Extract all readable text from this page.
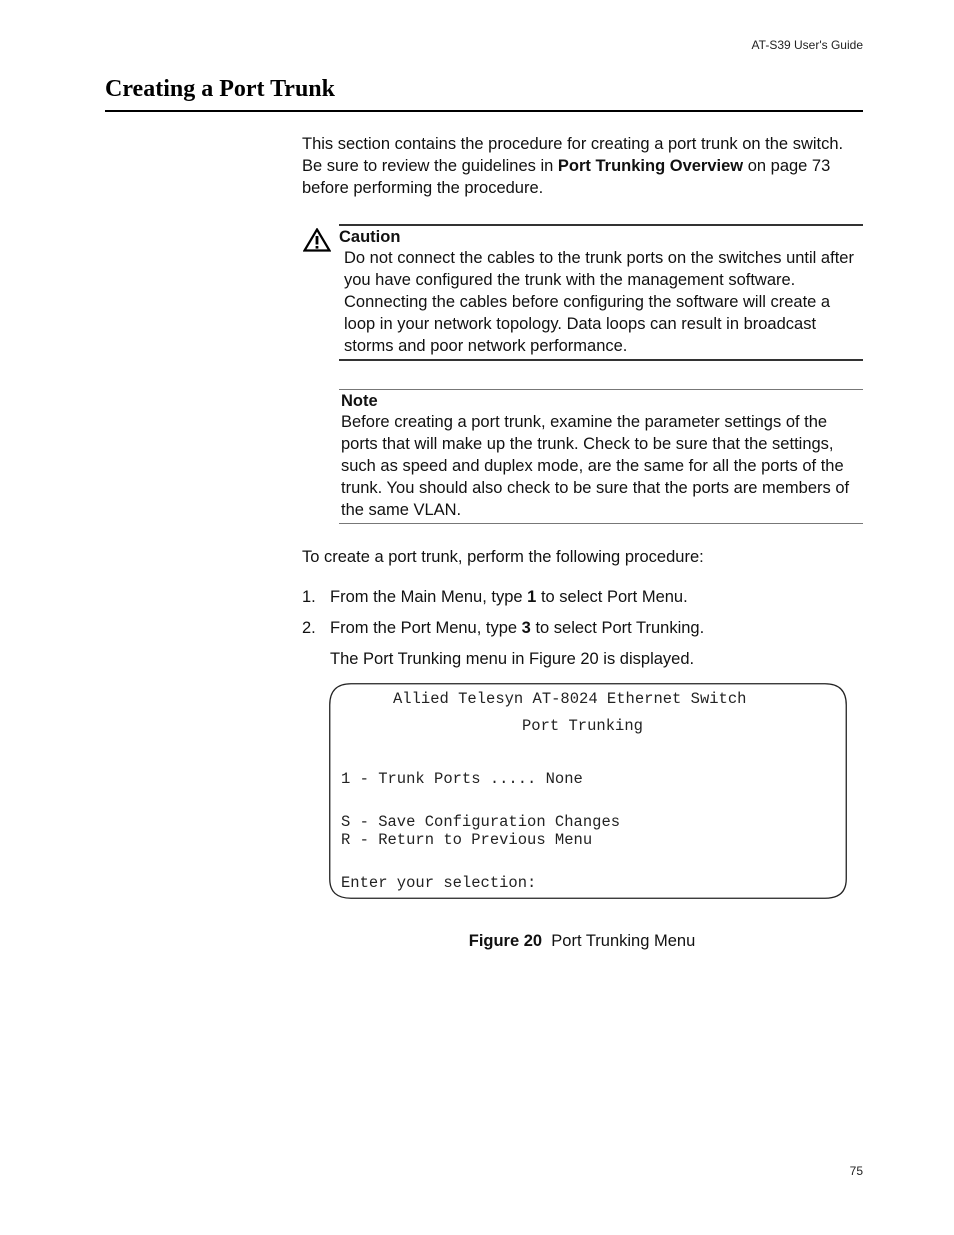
AT-S39 User's Guide
Creating a Port Trunk
This section contains the procedure for creating a port trunk on the switch. Be sure to review the guidelines in Port Trunking Overview on page 73 before performing the procedure.
Caution
Do not connect the cables to the trunk ports on the switches until after you have configured the trunk with the management software. Connecting the cables before configuring the software will create a loop in your network topology. Data loops can result in broadcast storms and poor network performance.
Note
Before creating a port trunk, examine the parameter settings of the ports that will make up the trunk. Check to be sure that the settings, such as speed and duplex mode, are the same for all the ports of the trunk. You should also check to be sure that the ports are members of the same VLAN.
To create a port trunk, perform the following procedure:
1. From the Main Menu, type 1 to select Port Menu.
2. From the Port Menu, type 3 to select Port Trunking.
The Port Trunking menu in Figure 20 is displayed.
Allied Telesyn AT-8024 Ethernet Switch
Port Trunking
1 - Trunk Ports ..... None
S - Save Configuration Changes
R - Return to Previous Menu
Enter your selection:
Figure 20 Port Trunking Menu
75
